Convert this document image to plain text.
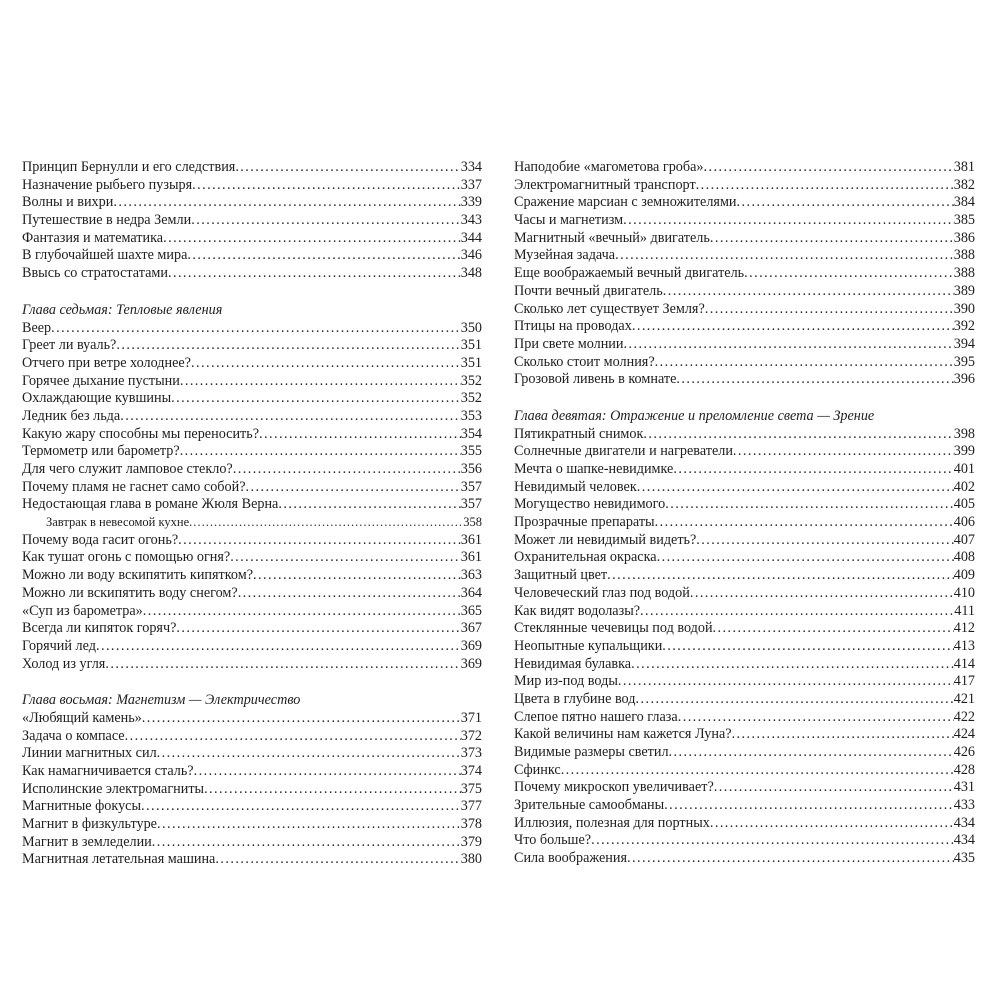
Принцип Бернулли и его следствия . . .	334
Назначение рыбьего пузыря . . .	337
Волны и вихри . . .	339
Путешествие в недра Земли . . .	343
Фантазия и математика . . .	344
В глубочайшей шахте мира . . .	346
Ввысь со стратостатами . . .	348
Глава седьмая: Тепловые явления
Веер . . .	350
Греет ли вуаль? . . .	351
Отчего при ветре холоднее? . . .	351
Горячее дыхание пустыни . . .	352
Охлаждающие кувшины . . .	352
Ледник без льда . . .	353
Какую жару способны мы переносить? . . .	354
Термометр или барометр? . . .	355
Для чего служит ламповое стекло? . . .	356
Почему пламя не гаснет само собой? . . .	357
Недостающая глава в романе Жюля Верна . . .	357
Завтрак в невесомой кухне . . .	358
Почему вода гасит огонь? . . .	361
Как тушат огонь с помощью огня? . . .	361
Можно ли воду вскипятить кипятком? . . .	363
Можно ли вскипятить воду снегом? . . .	364
«Суп из барометра» . . .	365
Всегда ли кипяток горяч? . . .	367
Горячий лед . . .	369
Холод из угля . . .	369
Глава восьмая: Магнетизм — Электричество
«Любящий камень» . . .	371
Задача о компасе . . .	372
Линии магнитных сил . . .	373
Как намагничивается сталь? . . .	374
Исполинские электромагниты . . .	375
Магнитные фокусы . . .	377
Магнит в физкультуре . . .	378
Магнит в земледелии . . .	379
Магнитная летательная машина . . .	380
Наподобие «магометова гроба» . . .	381
Электромагнитный транспорт . . .	382
Сражение марсиан с земножителями . . .	384
Часы и магнетизм . . .	385
Магнитный «вечный» двигатель . . .	386
Музейная задача . . .	388
Еще воображаемый вечный двигатель . . .	388
Почти вечный двигатель . . .	389
Сколько лет существует Земля? . . .	390
Птицы на проводах . . .	392
При свете молнии . . .	394
Сколько стоит молния? . . .	395
Грозовой ливень в комнате . . .	396
Глава девятая: Отражение и преломление света — Зрение
Пятикратный снимок . . .	398
Солнечные двигатели и нагреватели . . .	399
Мечта о шапке-невидимке . . .	401
Невидимый человек . . .	402
Могущество невидимого . . .	405
Прозрачные препараты . . .	406
Может ли невидимый видеть? . . .	407
Охранительная окраска . . .	408
Защитный цвет . . .	409
Человеческий глаз под водой . . .	410
Как видят водолазы? . . .	411
Стеклянные чечевицы под водой . . .	412
Неопытные купальщики . . .	413
Невидимая булавка . . .	414
Мир из-под воды . . .	417
Цвета в глубине вод . . .	421
Слепое пятно нашего глаза . . .	422
Какой величины нам кажется Луна? . . .	424
Видимые размеры светил . . .	426
Сфинкс . . .	428
Почему микроскоп увеличивает? . . .	431
Зрительные самообманы . . .	433
Иллюзия, полезная для портных . . .	434
Что больше? . . .	434
Сила воображения . . .	435
